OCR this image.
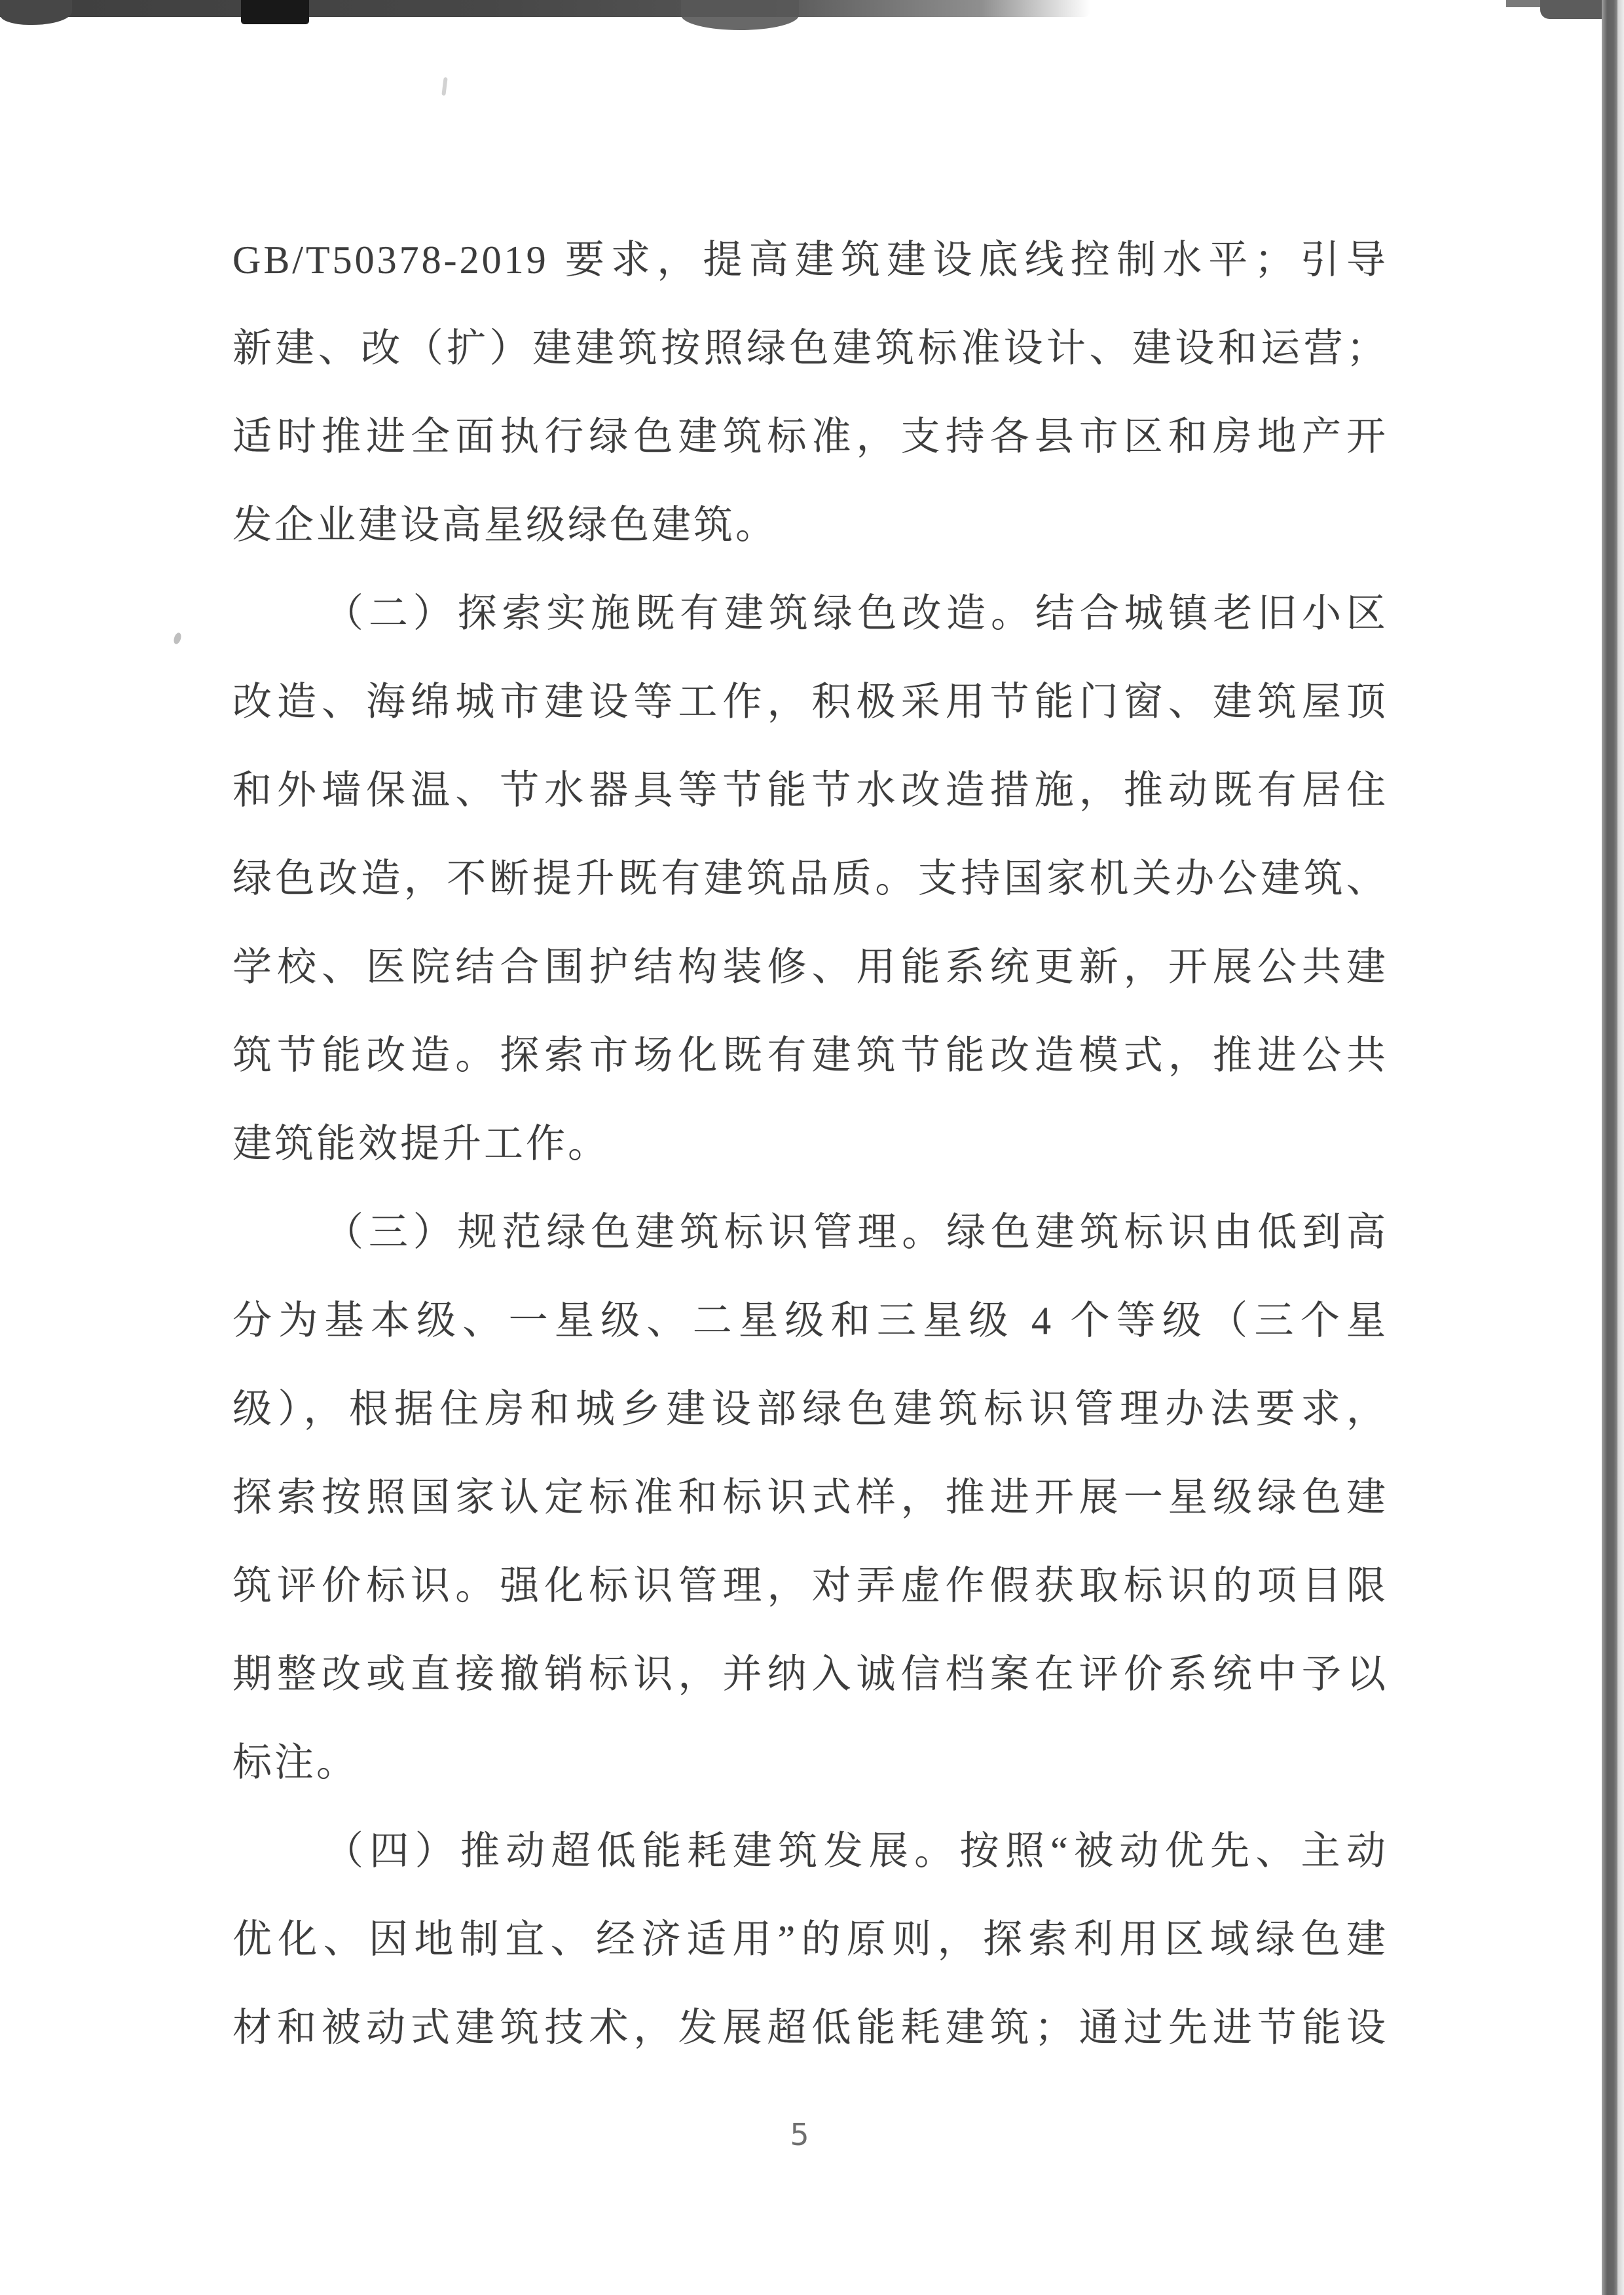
GB/T50378-2019 要求，提高建筑建设底线控制水平；引导
新建、改（扩）建建筑按照绿色建筑标准设计、建设和运营；
适时推进全面执行绿色建筑标准，支持各县市区和房地产开
发企业建设高星级绿色建筑。
（二）探索实施既有建筑绿色改造。结合城镇老旧小区
改造、海绵城市建设等工作，积极采用节能门窗、建筑屋顶
和外墙保温、节水器具等节能节水改造措施，推动既有居住
绿色改造，不断提升既有建筑品质。支持国家机关办公建筑、
学校、医院结合围护结构装修、用能系统更新，开展公共建
筑节能改造。探索市场化既有建筑节能改造模式，推进公共
建筑能效提升工作。
（三）规范绿色建筑标识管理。绿色建筑标识由低到高
分为基本级、一星级、二星级和三星级 4 个等级（三个星
级），根据住房和城乡建设部绿色建筑标识管理办法要求，
探索按照国家认定标准和标识式样，推进开展一星级绿色建
筑评价标识。强化标识管理，对弄虚作假获取标识的项目限
期整改或直接撤销标识，并纳入诚信档案在评价系统中予以
标注。
（四）推动超低能耗建筑发展。按照“被动优先、主动
优化、因地制宜、经济适用”的原则，探索利用区域绿色建
材和被动式建筑技术，发展超低能耗建筑；通过先进节能设
5
